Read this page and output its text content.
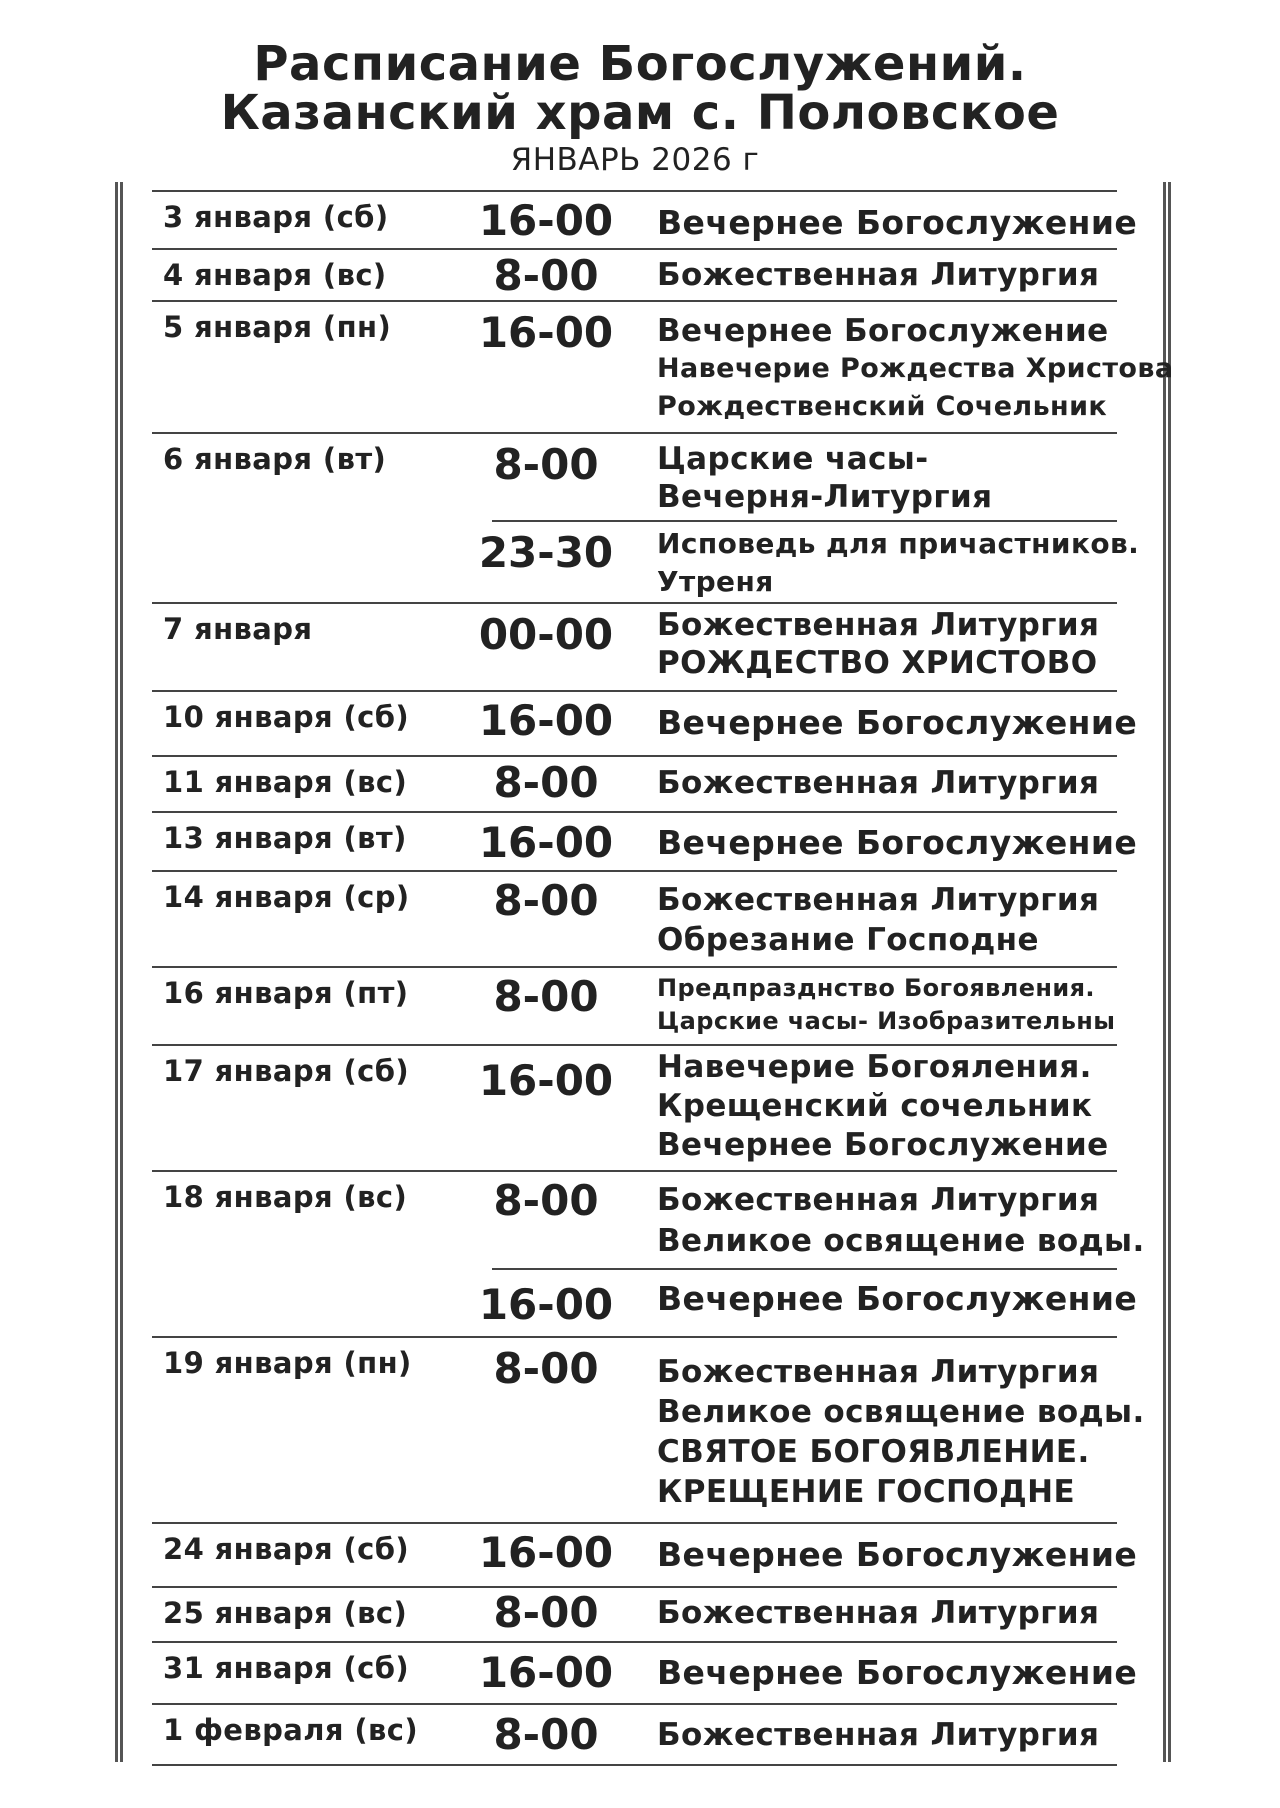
Расписание Богослужений.
Казанский храм с. Половское
ЯНВАРЬ 2026 г
3 января (сб)	16-00	Вечернее Богослужение
4 января (вс)	8-00	Божественная Литургия
5 января (пн)	16-00	Вечернее Богослужение
Навечерие Рождества Христова
Рождественский Сочельник
6 января (вт)	8-00	Царские часы-
Вечерня-Литургия
23-30	Исповедь для причастников.
Утреня
7 января	00-00	Божественная Литургия
РОЖДЕСТВО ХРИСТОВО
10 января (сб)	16-00	Вечернее Богослужение
11 января (вс)	8-00	Божественная Литургия
13 января (вт)	16-00	Вечернее Богослужение
14 января (ср)	8-00	Божественная Литургия
Обрезание Господне
16 января (пт)	8-00	Предпразднство Богоявления.
Царские часы- Изобразительны
17 января (сб)	16-00	Навечерие Богояления.
Крещенский сочельник
Вечернее Богослужение
18 января (вс)	8-00	Божественная Литургия
Великое освящение воды.
16-00	Вечернее Богослужение
19 января (пн)	8-00	Божественная Литургия
Великое освящение воды.
СВЯТОЕ БОГОЯВЛЕНИЕ.
КРЕЩЕНИЕ ГОСПОДНЕ
24 января (сб)	16-00	Вечернее Богослужение
25 января (вс)	8-00	Божественная Литургия
31 января (сб)	16-00	Вечернее Богослужение
1 февраля (вс)	8-00	Божественная Литургия
